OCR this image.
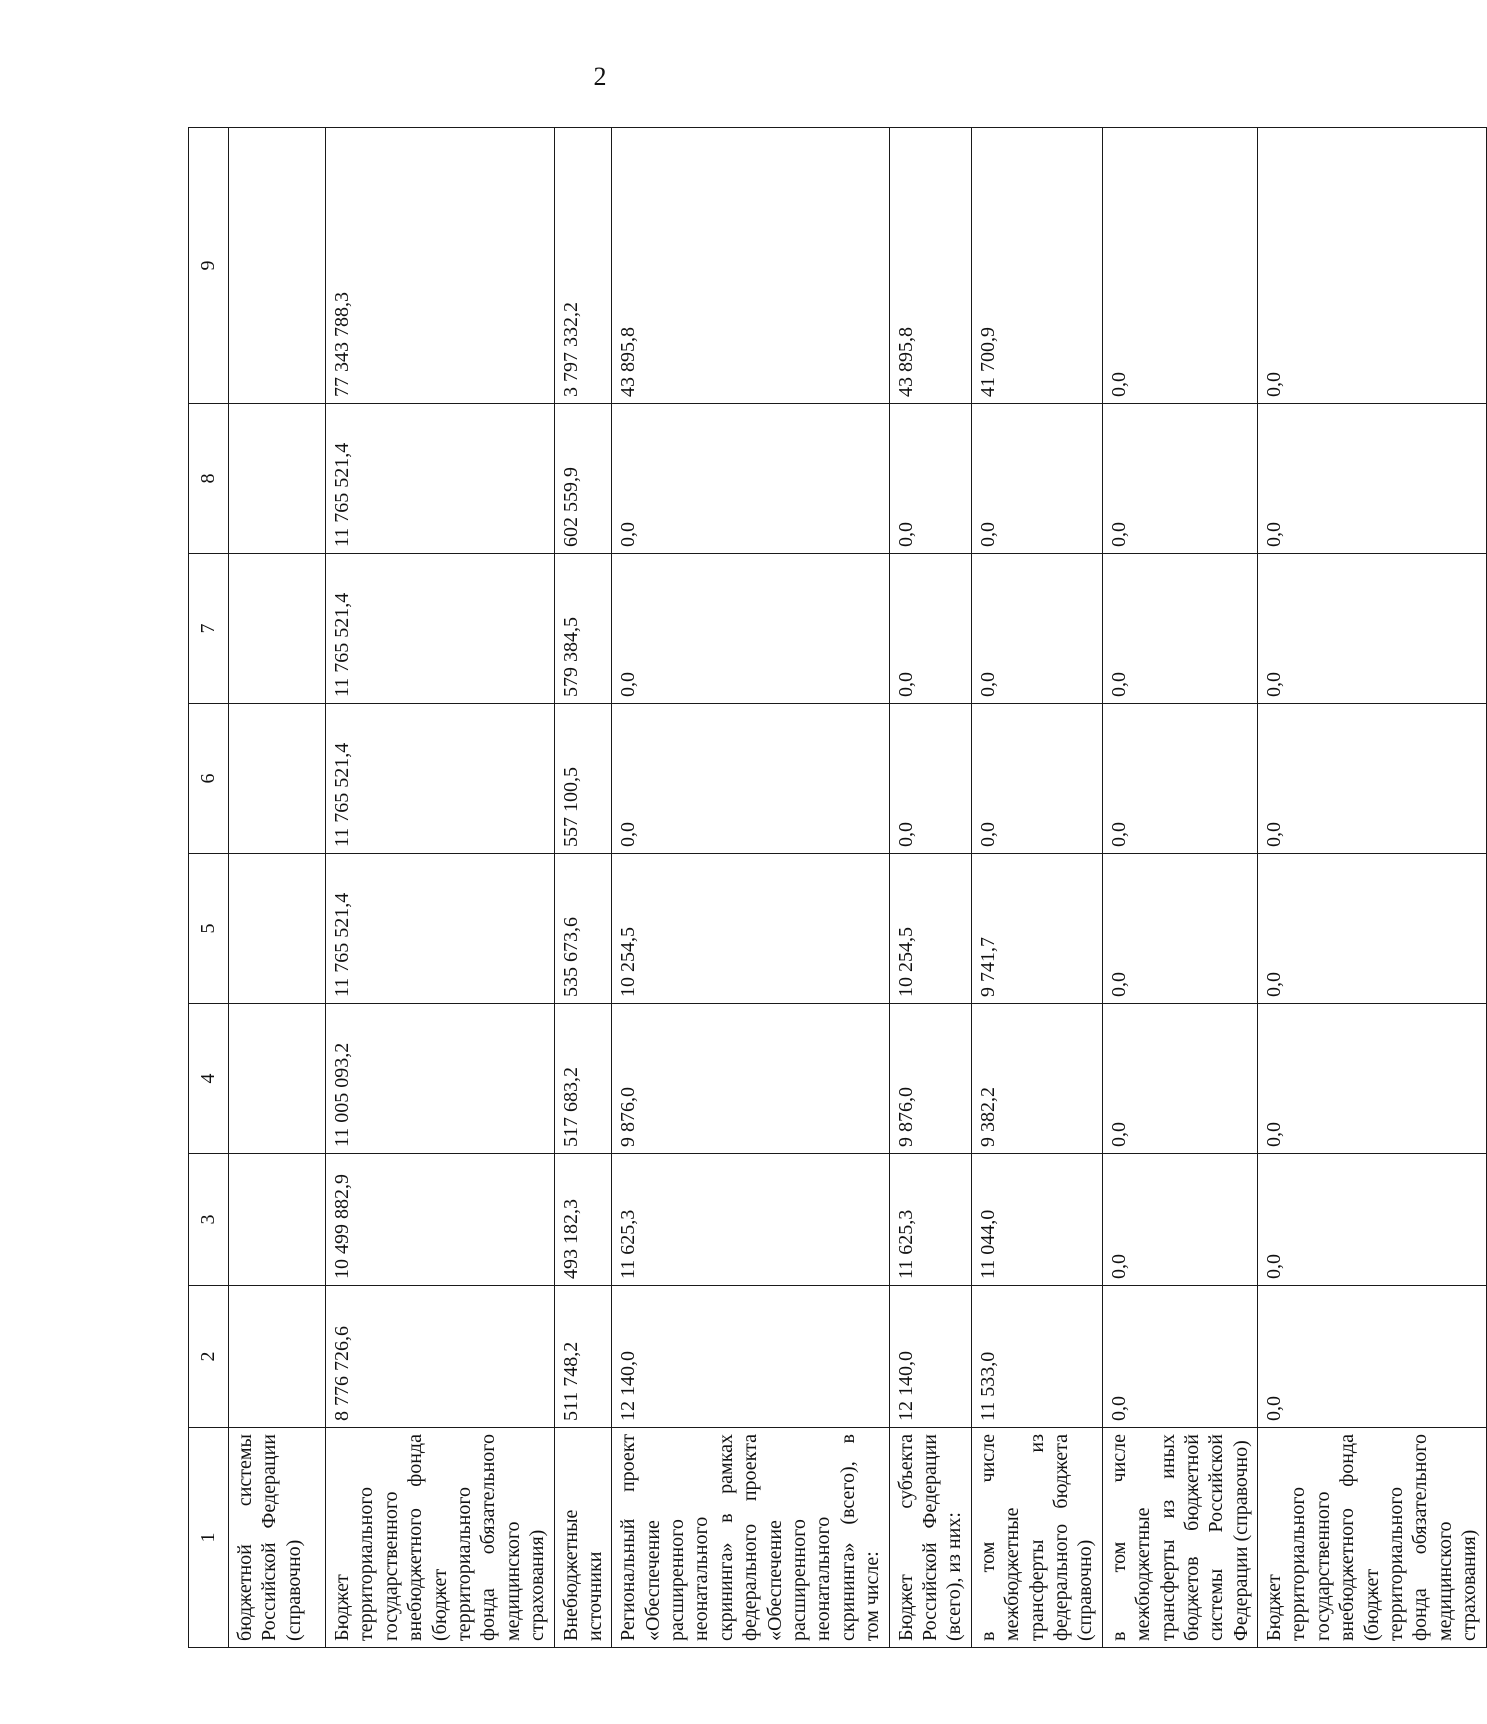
2
1	2	3	4	5	6	7	8	9
бюджетной системы Российской Федерации (справочно)								
Бюджет территориального государственного внебюджетного фонда (бюджет территориального фонда обязательного медицинского страхования)	8 776 726,6	10 499 882,9	11 005 093,2	11 765 521,4	11 765 521,4	11 765 521,4	11 765 521,4	77 343 788,3
Внебюджетные источники	511 748,2	493 182,3	517 683,2	535 673,6	557 100,5	579 384,5	602 559,9	3 797 332,2
Региональный проект «Обеспечение расширенного неонатального скрининга» в рамках федерального проекта «Обеспечение расширенного неонатального скрининга» (всего), в том числе:	12 140,0	11 625,3	9 876,0	10 254,5	0,0	0,0	0,0	43 895,8
Бюджет субъекта Российской Федерации (всего), из них:	12 140,0	11 625,3	9 876,0	10 254,5	0,0	0,0	0,0	43 895,8
в том числе межбюджетные трансферты из федерального бюджета (справочно)	11 533,0	11 044,0	9 382,2	9 741,7	0,0	0,0	0,0	41 700,9
в том числе межбюджетные трансферты из иных бюджетов бюджетной системы Российской Федерации (справочно)	0,0	0,0	0,0	0,0	0,0	0,0	0,0	0,0
Бюджет территориального государственного внебюджетного фонда (бюджет территориального фонда обязательного медицинского страхования)	0,0	0,0	0,0	0,0	0,0	0,0	0,0	0,0
